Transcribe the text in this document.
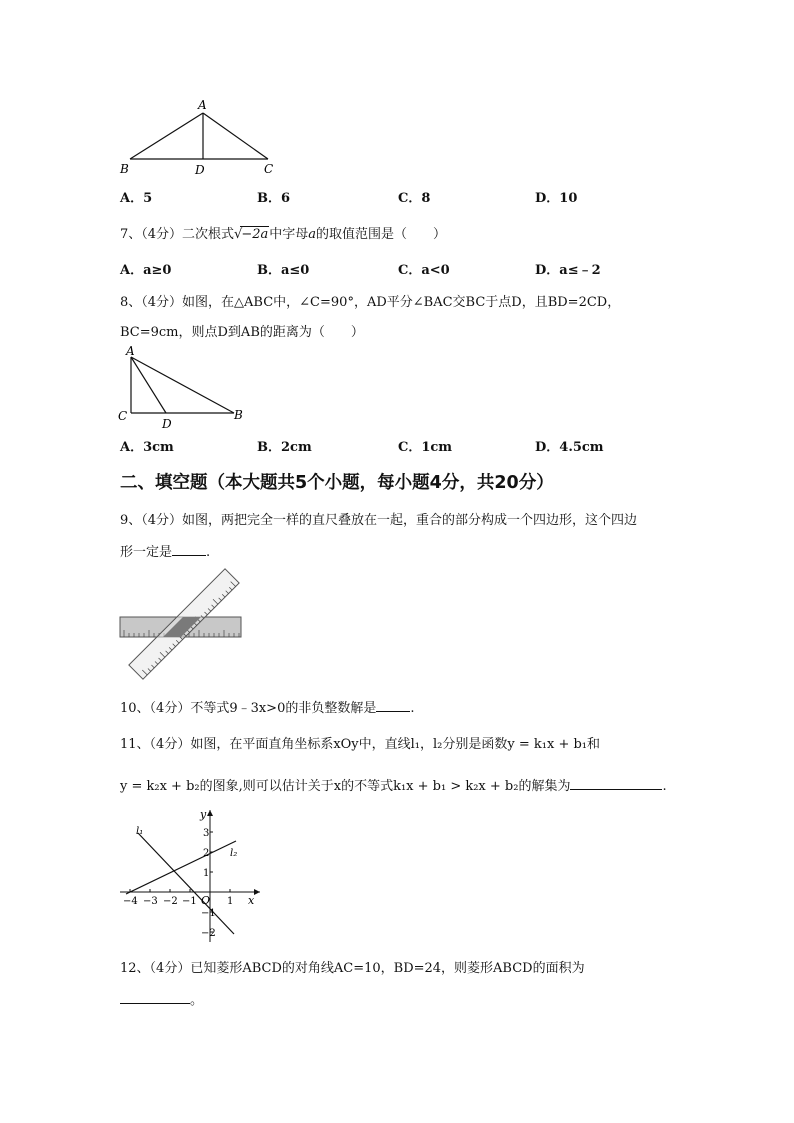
A
B	D	C
A．5	B．6	C．8	D．10
7、（4分）二次根式√−2a中字母a的取值范围是（　　）
A．a≥0	B．a≤0	C．a<0	D．a≤﹣2
8、（4分）如图，在△ABC中，∠C=90°，AD平分∠BAC交BC于点D，且BD=2CD，
BC=9cm，则点D到AB的距离为（　　）
A
C
D
B
A．3cm	B．2cm	C．1cm	D．4.5cm
二、填空题（本大题共5个小题，每小题4分，共20分）
9、（4分）如图，两把完全一样的直尺叠放在一起，重合的部分构成一个四边形，这个四边
形一定是	.
10、（4分）不等式9﹣3x>0的非负整数解是	.
11、（4分）如图，在平面直角坐标系xOy中，直线l₁，l₂分别是函数y = k₁x + b₁和
y = k₂x + b₂的图象,则可以估计关于x的不等式k₁x + b₁ > k₂x + b₂的解集为	.
x
y
O
l₁
l₂
−4 −3 −2 −1	1
3
2
1
−1
−2
12、（4分）已知菱形ABCD的对角线AC=10，BD=24，则菱形ABCD的面积为
。
